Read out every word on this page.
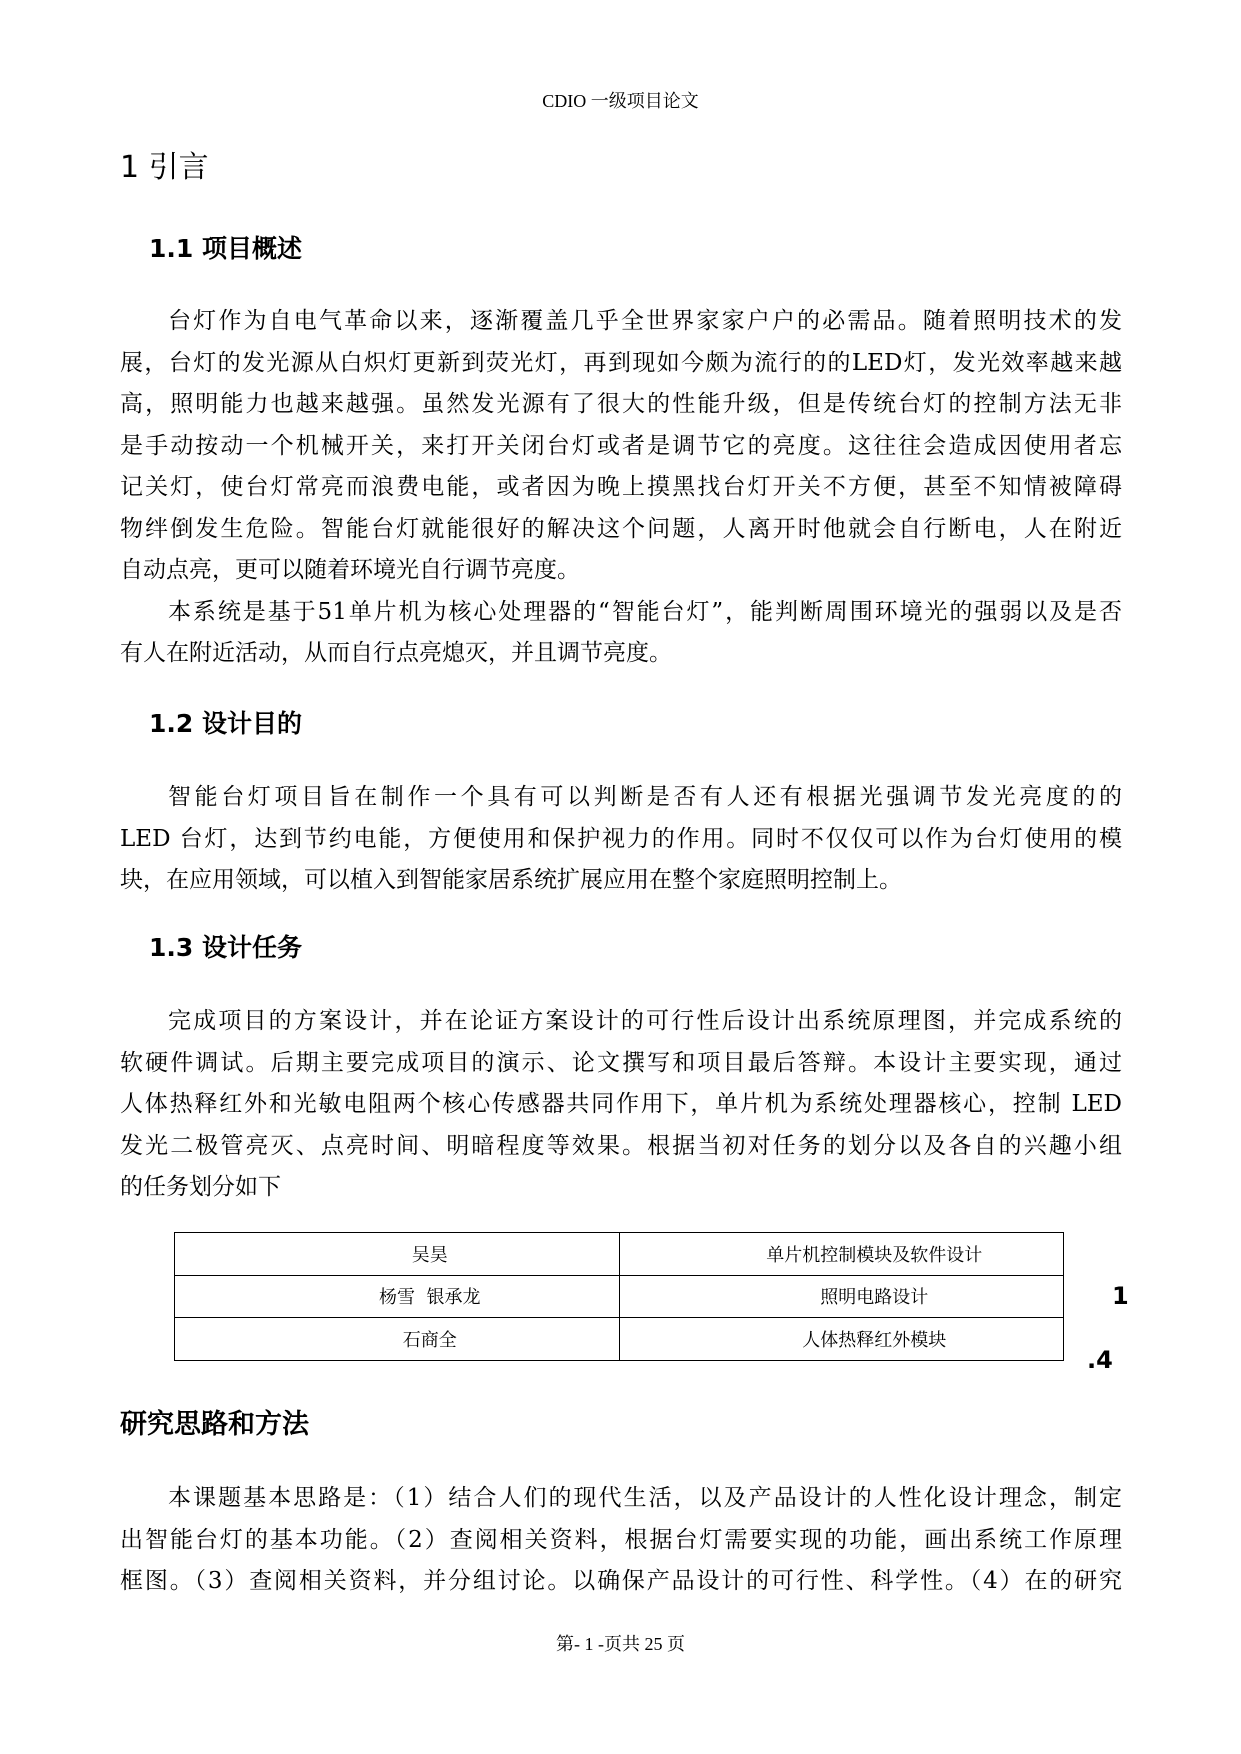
CDIO 一级项目论文
1 引言
1.1 项目概述
台灯作为自电气革命以来，逐渐覆盖几乎全世界家家户户的必需品。随着照明技术的发
展，台灯的发光源从白炽灯更新到荧光灯，再到现如今颇为流行的的LED灯，发光效率越来越
高，照明能力也越来越强。虽然发光源有了很大的性能升级，但是传统台灯的控制方法无非
是手动按动一个机械开关，来打开关闭台灯或者是调节它的亮度。这往往会造成因使用者忘
记关灯，使台灯常亮而浪费电能，或者因为晚上摸黑找台灯开关不方便，甚至不知情被障碍
物绊倒发生危险。智能台灯就能很好的解决这个问题，人离开时他就会自行断电，人在附近
自动点亮，更可以随着环境光自行调节亮度。
本系统是基于51单片机为核心处理器的“智能台灯”，能判断周围环境光的强弱以及是否
有人在附近活动，从而自行点亮熄灭，并且调节亮度。
1.2 设计目的
智能台灯项目旨在制作一个具有可以判断是否有人还有根据光强调节发光亮度的的
LED 台灯，达到节约电能，方便使用和保护视力的作用。同时不仅仅可以作为台灯使用的模
块，在应用领域，可以植入到智能家居系统扩展应用在整个家庭照明控制上。
1.3 设计任务
完成项目的方案设计，并在论证方案设计的可行性后设计出系统原理图，并完成系统的
软硬件调试。后期主要完成项目的演示、论文撰写和项目最后答辩。本设计主要实现，通过
人体热释红外和光敏电阻两个核心传感器共同作用下，单片机为系统处理器核心，控制 LED
发光二极管亮灭、点亮时间、明暗程度等效果。根据当初对任务的划分以及各自的兴趣小组
的任务划分如下
吴昊	单片机控制模块及软件设计
杨雪  银承龙	照明电路设计
石商全	人体热释红外模块
1
.4
研究思路和方法
本课题基本思路是：（1）结合人们的现代生活，以及产品设计的人性化设计理念，制定
出智能台灯的基本功能。（2）查阅相关资料，根据台灯需要实现的功能，画出系统工作原理
框图。（3）查阅相关资料，并分组讨论。以确保产品设计的可行性、科学性。（4）在的研究
第- 1 -页共 25 页
